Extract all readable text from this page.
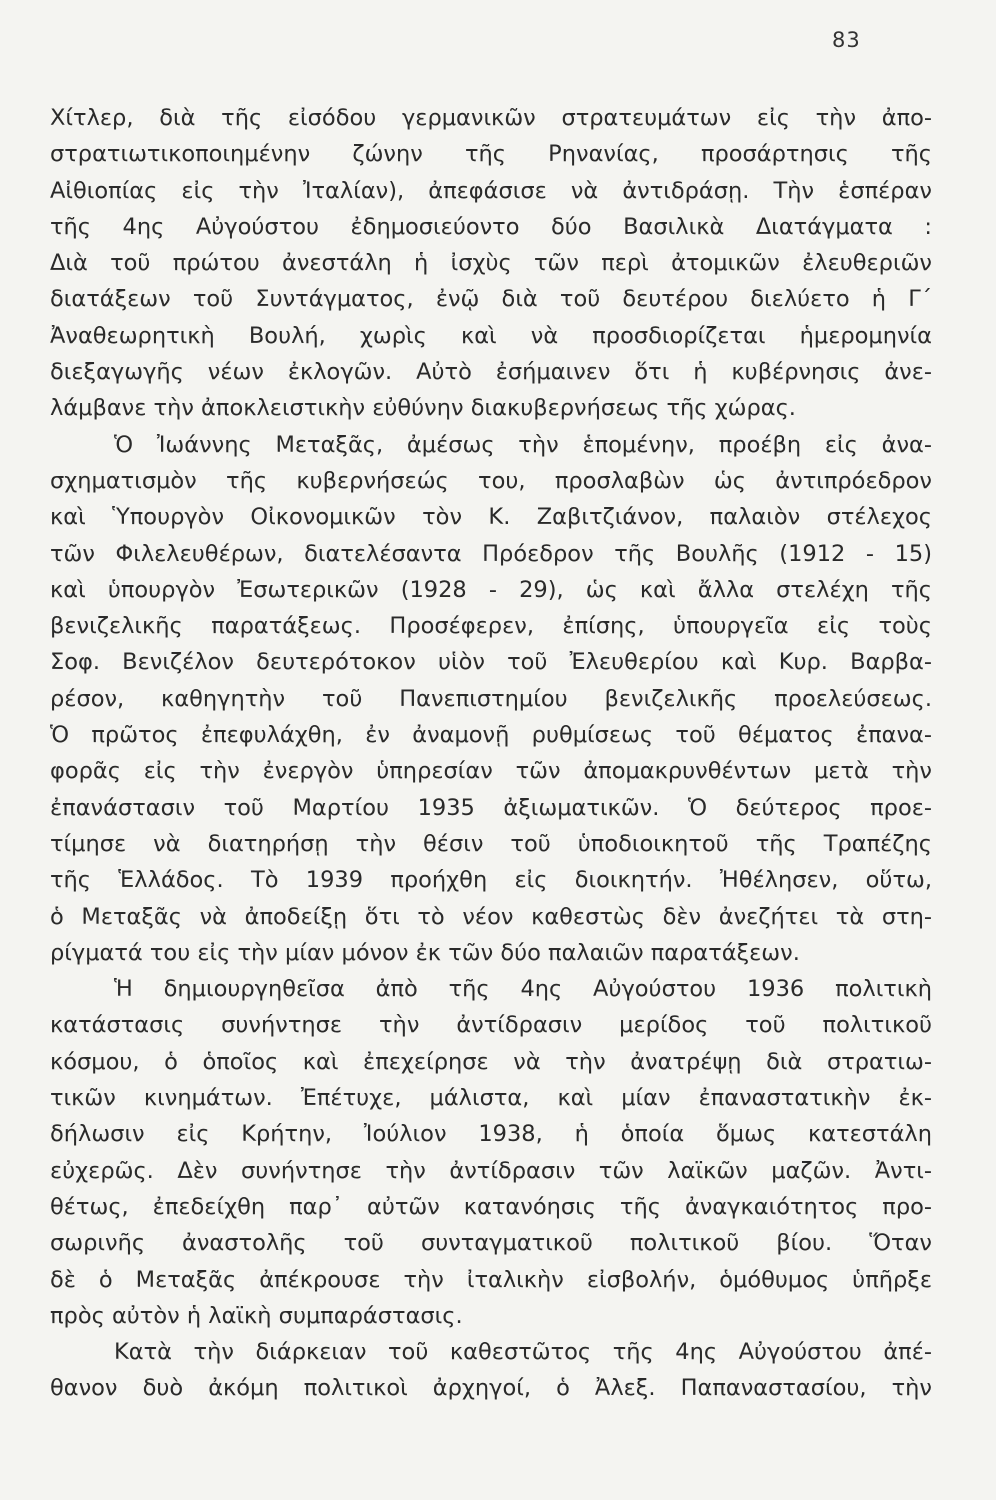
83
Χίτλερ, διὰ τῆς εἰσόδου γερμανικῶν στρατευμάτων εἰς τὴν ἀπο-
στρατιωτικοποιημένην ζώνην τῆς Ρηνανίας, προσάρτησις τῆς
Αἰθιοπίας εἰς τὴν Ἰταλίαν), ἀπεφάσισε νὰ ἀντιδράσῃ. Τὴν ἑσπέραν
τῆς 4ης Αὐγούστου ἐδημοσιεύοντο δύο Βασιλικὰ Διατάγματα :
Διὰ τοῦ πρώτου ἀνεστάλη ἡ ἰσχὺς τῶν περὶ ἀτομικῶν ἐλευθεριῶν
διατάξεων τοῦ Συντάγματος, ἐνῷ διὰ τοῦ δευτέρου διελύετο ἡ Γ΄
Ἀναθεωρητικὴ Βουλή, χωρὶς καὶ νὰ προσδιορίζεται ἡμερομηνία
διεξαγωγῆς νέων ἐκλογῶν. Αὐτὸ ἐσήμαινεν ὅτι ἡ κυβέρνησις ἀνε-
λάμβανε τὴν ἀποκλειστικὴν εὐθύνην διακυβερνήσεως τῆς χώρας.
Ὁ Ἰωάννης Μεταξᾶς, ἀμέσως τὴν ἑπομένην, προέβη εἰς ἀνα-
σχηματισμὸν τῆς κυβερνήσεώς του, προσλαβὼν ὡς ἀντιπρόεδρον
καὶ Ὑπουργὸν Οἰκονομικῶν τὸν Κ. Ζαβιτζιάνον, παλαιὸν στέλεχος
τῶν Φιλελευθέρων, διατελέσαντα Πρόεδρον τῆς Βουλῆς (1912 - 15)
καὶ ὑπουργὸν Ἐσωτερικῶν (1928 - 29), ὡς καὶ ἄλλα στελέχη τῆς
βενιζελικῆς παρατάξεως. Προσέφερεν, ἐπίσης, ὑπουργεῖα εἰς τοὺς
Σοφ. Βενιζέλον δευτερότοκον υἱὸν τοῦ Ἐλευθερίου καὶ Κυρ. Βαρβα-
ρέσον, καθηγητὴν τοῦ Πανεπιστημίου βενιζελικῆς προελεύσεως.
Ὁ πρῶτος ἐπεφυλάχθη, ἐν ἀναμονῇ ρυθμίσεως τοῦ θέματος ἐπανα-
φορᾶς εἰς τὴν ἐνεργὸν ὑπηρεσίαν τῶν ἀπομακρυνθέντων μετὰ τὴν
ἐπανάστασιν τοῦ Μαρτίου 1935 ἀξιωματικῶν. Ὁ δεύτερος προε-
τίμησε νὰ διατηρήσῃ τὴν θέσιν τοῦ ὑποδιοικητοῦ τῆς Τραπέζης
τῆς Ἑλλάδος. Τὸ 1939 προήχθη εἰς διοικητήν. Ἠθέλησεν, οὕτω,
ὁ Μεταξᾶς νὰ ἀποδείξῃ ὅτι τὸ νέον καθεστὼς δὲν ἀνεζήτει τὰ στη-
ρίγματά του εἰς τὴν μίαν μόνον ἐκ τῶν δύο παλαιῶν παρατάξεων.
Ἡ δημιουργηθεῖσα ἀπὸ τῆς 4ης Αὐγούστου 1936 πολιτικὴ
κατάστασις συνήντησε τὴν ἀντίδρασιν μερίδος τοῦ πολιτικοῦ
κόσμου, ὁ ὁποῖος καὶ ἐπεχείρησε νὰ τὴν ἀνατρέψῃ διὰ στρατιω-
τικῶν κινημάτων. Ἐπέτυχε, μάλιστα, καὶ μίαν ἐπαναστατικὴν ἐκ-
δήλωσιν εἰς Κρήτην, Ἰούλιον 1938, ἡ ὁποία ὅμως κατεστάλη
εὐχερῶς. Δὲν συνήντησε τὴν ἀντίδρασιν τῶν λαϊκῶν μαζῶν. Ἀντι-
θέτως, ἐπεδείχθη παρ᾽ αὐτῶν κατανόησις τῆς ἀναγκαιότητος προ-
σωρινῆς ἀναστολῆς τοῦ συνταγματικοῦ πολιτικοῦ βίου. Ὅταν
δὲ ὁ Μεταξᾶς ἀπέκρουσε τὴν ἰταλικὴν εἰσβολήν, ὁμόθυμος ὑπῆρξε
πρὸς αὐτὸν ἡ λαϊκὴ συμπαράστασις.
Κατὰ τὴν διάρκειαν τοῦ καθεστῶτος τῆς 4ης Αὐγούστου ἀπέ-
θανον δυὸ ἀκόμη πολιτικοὶ ἀρχηγοί, ὁ Ἀλεξ. Παπαναστασίου, τὴν
